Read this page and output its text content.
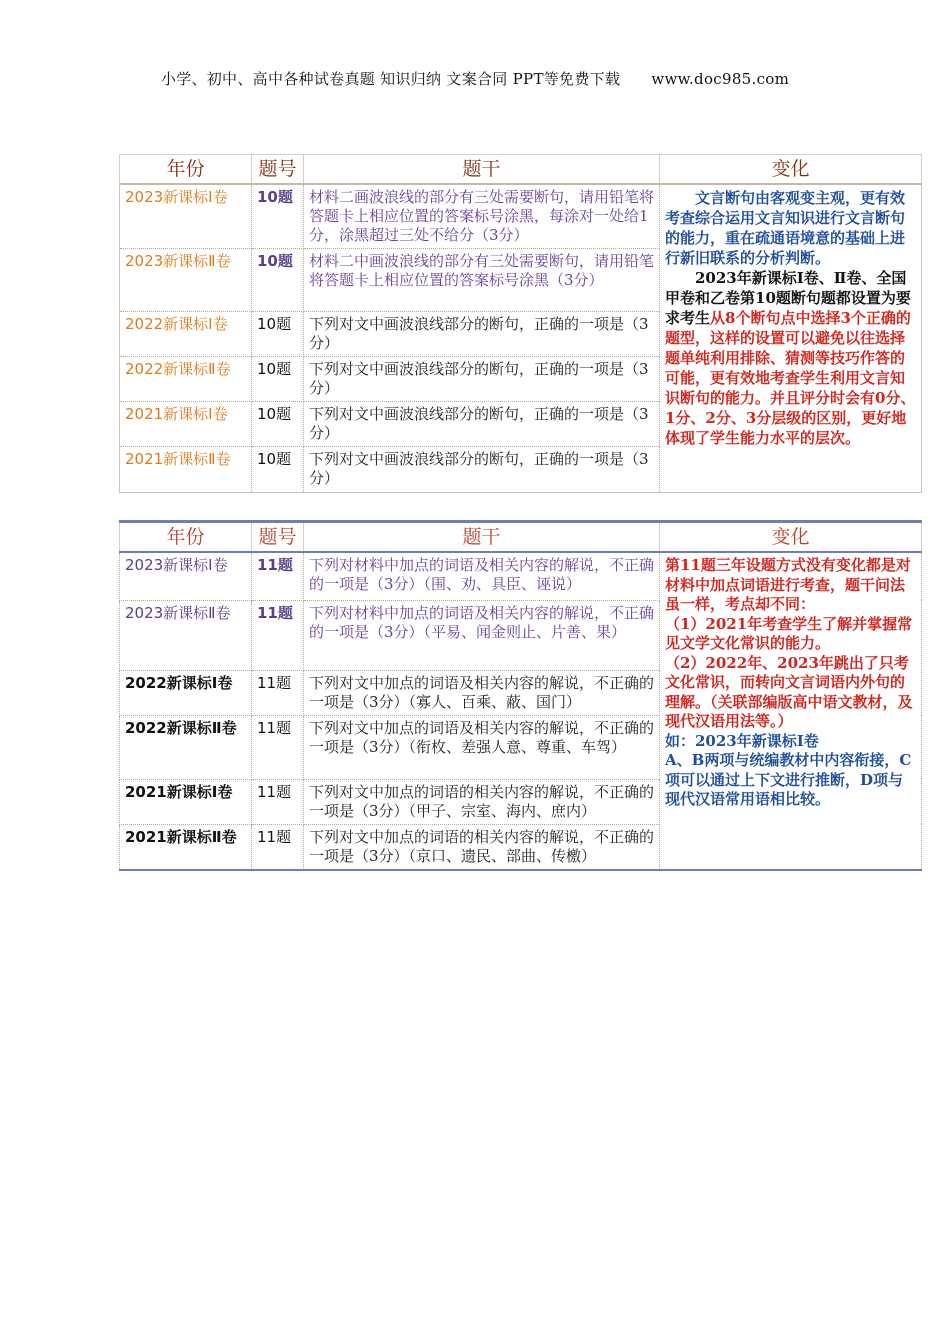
小学、初中、高中各种试卷真题 知识归纳 文案合同 PPT等免费下载 www.doc985.com
年份	题号	题干	变化
2023新课标Ⅰ卷	10题	材料二画波浪线的部分有三处需要断句，请用铅笔将答题卡上相应位置的答案标号涂黑，每涂对一处给1分，涂黑超过三处不给分（3分）	文言断句由客观变主观，更有效考查综合运用文言知识进行文言断句的能力，重在疏通语境意的基础上进行新旧联系的分析判断。

2023年新课标Ⅰ卷、Ⅱ卷、全国甲卷和乙卷第10题断句题都设置为要求考生从8个断句点中选择3个正确的题型，这样的设置可以避免以往选择题单纯利用排除、猜测等技巧作答的可能，更有效地考查学生利用文言知识断句的能力。并且评分时会有0分、1分、2分、3分层级的区别，更好地体现了学生能力水平的层次。

2023新课标Ⅱ卷	10题	材料二中画波浪线的部分有三处需要断句，请用铅笔将答题卡上相应位置的答案标号涂黑（3分）	
2022新课标Ⅰ卷	10题	下列对文中画波浪线部分的断句，正确的一项是（3分）	
2022新课标Ⅱ卷	10题	下列对文中画波浪线部分的断句，正确的一项是（3分）	
2021新课标Ⅰ卷	10题	下列对文中画波浪线部分的断句，正确的一项是（3分）	
2021新课标Ⅱ卷	10题	下列对文中画波浪线部分的断句，正确的一项是（3分）	
年份	题号	题干	变化
2023新课标Ⅰ卷	11题	下列对材料中加点的词语及相关内容的解说，不正确的一项是（3分）（围、劝、具臣、诬说）	第11题三年设题方式没有变化都是对材料中加点词语进行考查，题干问法虽一样，考点却不同：

（1）2021年考查学生了解并掌握常见文学文化常识的能力。

（2）2022年、2023年跳出了只考文化常识，而转向文言词语内外句的理解。（关联部编版高中语文教材，及现代汉语用法等。）

如：2023年新课标Ⅰ卷

A、B两项与统编教材中内容衔接，C项可以通过上下文进行推断，D项与现代汉语常用语相比较。

2023新课标Ⅱ卷	11题	下列对材料中加点的词语及相关内容的解说，不正确的一项是（3分）（平易、闻金则止、片善、果）	
2022新课标Ⅰ卷	11题	下列对文中加点的词语及相关内容的解说，不正确的一项是（3分）（寡人、百乘、蔽、国门）	
2022新课标Ⅱ卷	11题	下列对文中加点的词语及相关内容的解说，不正确的一项是（3分）（衔枚、差强人意、尊重、车驾）	
2021新课标Ⅰ卷	11题	下列对文中加点的词语的相关内容的解说，不正确的一项是（3分）（甲子、宗室、海内、庶内）	
2021新课标Ⅱ卷	11题	下列对文中加点的词语的相关内容的解说，不正确的一项是（3分）（京口、遗民、部曲、传檄）	
